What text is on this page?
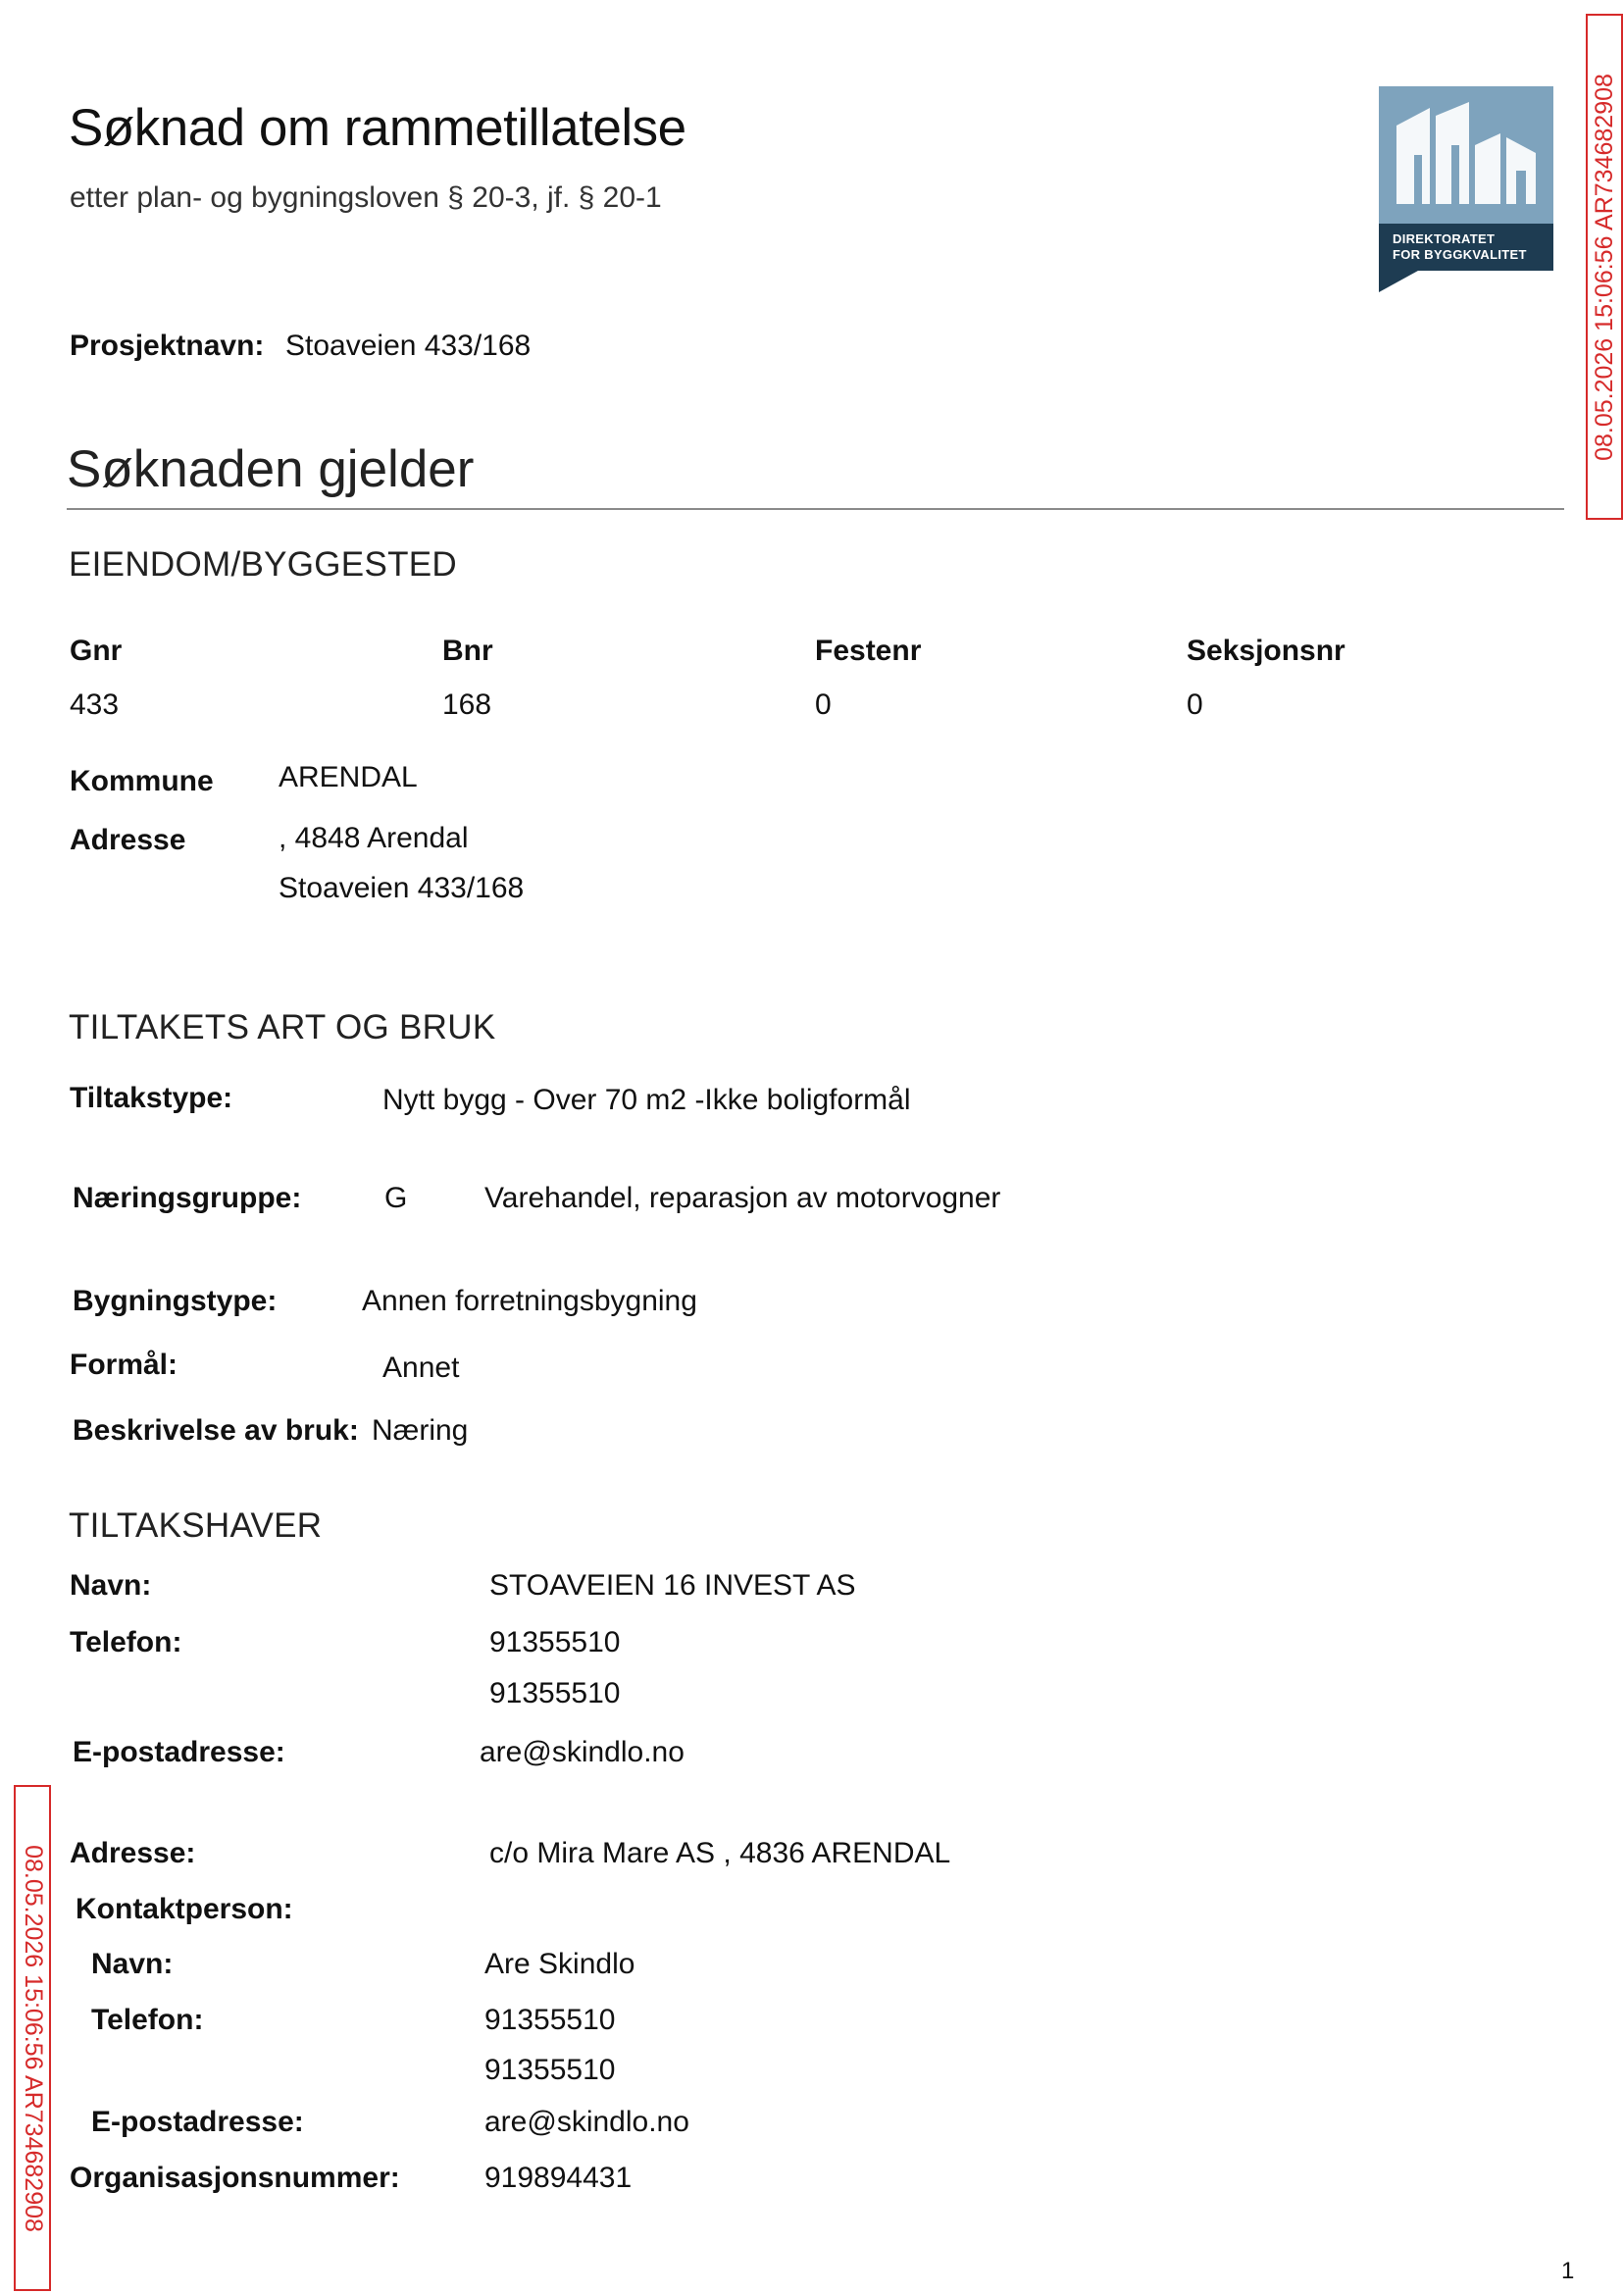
Søknad om rammetillatelse
etter plan- og bygningsloven § 20-3, jf. § 20-1
DIREKTORATET
FOR BYGGKVALITET	08.05.2026 15:06:56 AR734682908
08.05.2026 15:06:56 AR734682908
Prosjektnavn: Stoaveien 433/168
Søknaden gjelder
EIENDOM/BYGGESTED
Gnr	Bnr	Festenr	Seksjonsnr
433	168	0	0
Kommune ARENDAL
Adresse	, 4848 Arendal
Stoaveien 433/168
TILTAKETS ART OG BRUK
Tiltakstype:	Nytt bygg - Over 70 m2 -Ikke boligformål
Næringsgruppe:	G	Varehandel, reparasjon av motorvogner
Bygningstype:	Annen forretningsbygning
Formål:	Annet
Beskrivelse av bruk: Næring
TILTAKSHAVER
Navn:	STOAVEIEN 16 INVEST AS
Telefon:	91355510
91355510
E-postadresse:	are@skindlo.no
Adresse:	c/o Mira Mare AS , 4836 ARENDAL
Kontaktperson:
Navn:	Are Skindlo
Telefon:	91355510
91355510
E-postadresse:	are@skindlo.no
Organisasjonsnummer:	919894431
1
